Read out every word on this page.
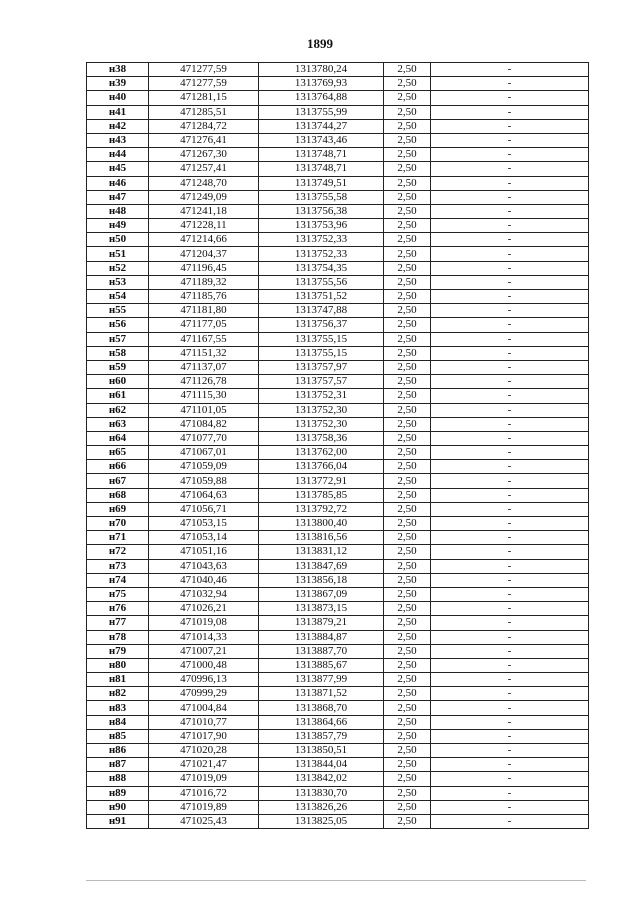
1899
н38	471277,59	1313780,24	2,50	-
н39	471277,59	1313769,93	2,50	-
н40	471281,15	1313764,88	2,50	-
н41	471285,51	1313755,99	2,50	-
н42	471284,72	1313744,27	2,50	-
н43	471276,41	1313743,46	2,50	-
н44	471267,30	1313748,71	2,50	-
н45	471257,41	1313748,71	2,50	-
н46	471248,70	1313749,51	2,50	-
н47	471249,09	1313755,58	2,50	-
н48	471241,18	1313756,38	2,50	-
н49	471228,11	1313753,96	2,50	-
н50	471214,66	1313752,33	2,50	-
н51	471204,37	1313752,33	2,50	-
н52	471196,45	1313754,35	2,50	-
н53	471189,32	1313755,56	2,50	-
н54	471185,76	1313751,52	2,50	-
н55	471181,80	1313747,88	2,50	-
н56	471177,05	1313756,37	2,50	-
н57	471167,55	1313755,15	2,50	-
н58	471151,32	1313755,15	2,50	-
н59	471137,07	1313757,97	2,50	-
н60	471126,78	1313757,57	2,50	-
н61	471115,30	1313752,31	2,50	-
н62	471101,05	1313752,30	2,50	-
н63	471084,82	1313752,30	2,50	-
н64	471077,70	1313758,36	2,50	-
н65	471067,01	1313762,00	2,50	-
н66	471059,09	1313766,04	2,50	-
н67	471059,88	1313772,91	2,50	-
н68	471064,63	1313785,85	2,50	-
н69	471056,71	1313792,72	2,50	-
н70	471053,15	1313800,40	2,50	-
н71	471053,14	1313816,56	2,50	-
н72	471051,16	1313831,12	2,50	-
н73	471043,63	1313847,69	2,50	-
н74	471040,46	1313856,18	2,50	-
н75	471032,94	1313867,09	2,50	-
н76	471026,21	1313873,15	2,50	-
н77	471019,08	1313879,21	2,50	-
н78	471014,33	1313884,87	2,50	-
н79	471007,21	1313887,70	2,50	-
н80	471000,48	1313885,67	2,50	-
н81	470996,13	1313877,99	2,50	-
н82	470999,29	1313871,52	2,50	-
н83	471004,84	1313868,70	2,50	-
н84	471010,77	1313864,66	2,50	-
н85	471017,90	1313857,79	2,50	-
н86	471020,28	1313850,51	2,50	-
н87	471021,47	1313844,04	2,50	-
н88	471019,09	1313842,02	2,50	-
н89	471016,72	1313830,70	2,50	-
н90	471019,89	1313826,26	2,50	-
н91	471025,43	1313825,05	2,50	-
